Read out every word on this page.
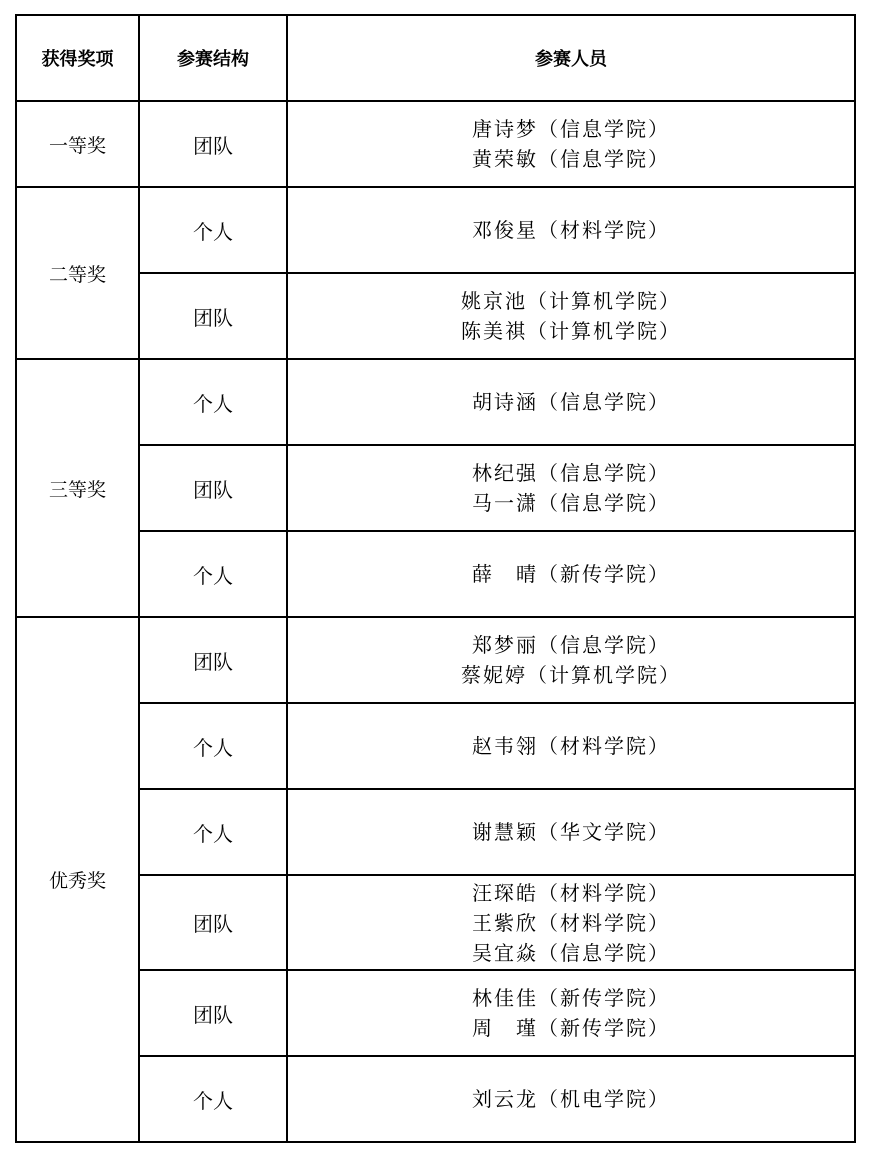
获得奖项	参赛结构	参赛人员
一等奖	团队	唐诗梦（信息学院）
黄荣敏（信息学院）

二等奖	个人	邓俊星（材料学院）

	团队	姚京池（计算机学院）
陈美祺（计算机学院）

三等奖	个人	胡诗涵（信息学院）

	团队	林纪强（信息学院）
马一潇（信息学院）

	个人	薛　晴（新传学院）

优秀奖	团队	郑梦丽（信息学院）
蔡妮婷（计算机学院）

	个人	赵韦翎（材料学院）

	个人	谢慧颖（华文学院）

	团队	汪琛皓（材料学院）
王紫欣（材料学院）
吴宜焱（信息学院）

	团队	林佳佳（新传学院）
周　瑾（新传学院）

	个人	刘云龙（机电学院）
